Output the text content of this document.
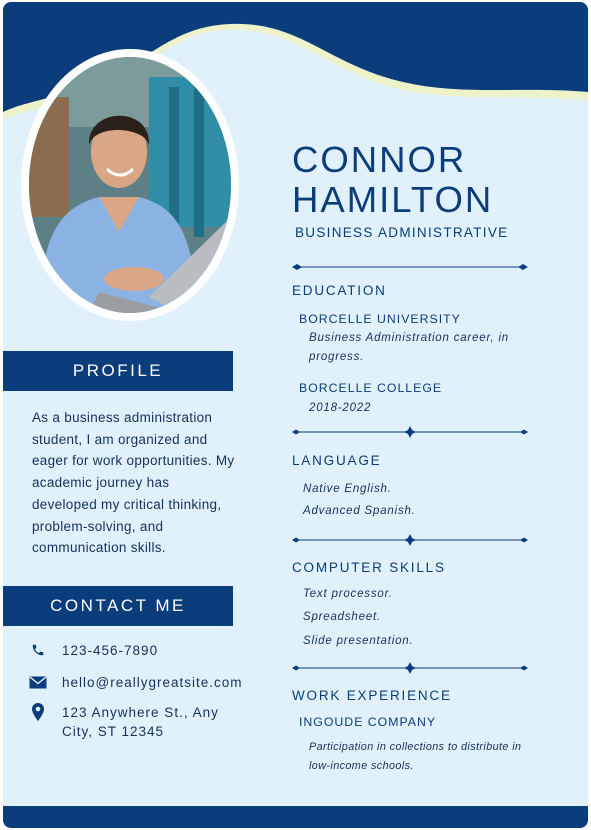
PROFILE
As a business administration student, I am organized and eager for work opportunities. My academic journey has developed my critical thinking, problem-solving, and communication skills.
CONTACT ME
123-456-7890
hello@reallygreatsite.com
123 Anywhere St., Any City, ST 12345
CONNOR
HAMILTON
BUSINESS ADMINISTRATIVE
EDUCATION
BORCELLE UNIVERSITY
Business Administration career, in progress.
BORCELLE COLLEGE
2018-2022
LANGUAGE
Native English.
Advanced Spanish.
COMPUTER SKILLS
Text processor.
Spreadsheet.
Slide presentation.
WORK EXPERIENCE
INGOUDE COMPANY
Participation in collections to distribute in low-income schools.
